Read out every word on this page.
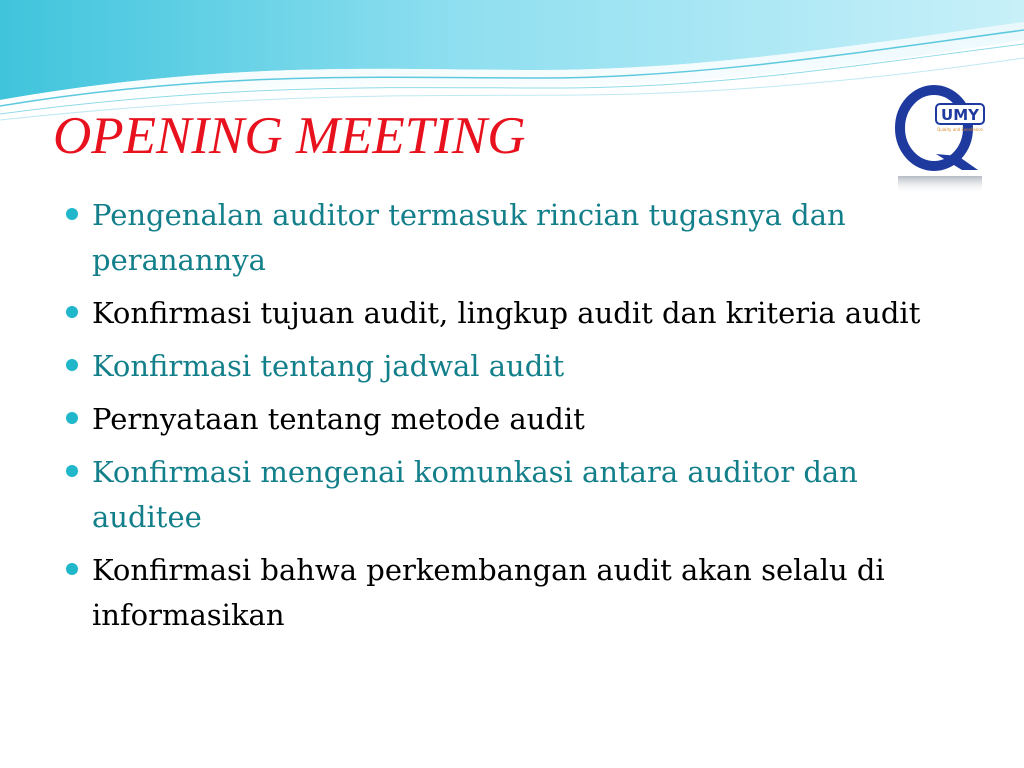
OPENING MEETING	UMY
Quality and Excellence
Pengenalan auditor termasuk rincian tugasnya dan peranannya
Konfirmasi tujuan audit, lingkup audit dan kriteria audit
Konfirmasi tentang jadwal audit
Pernyataan tentang metode audit
Konfirmasi mengenai komunkasi antara auditor dan auditee
Konfirmasi bahwa perkembangan audit akan selalu di informasikan
